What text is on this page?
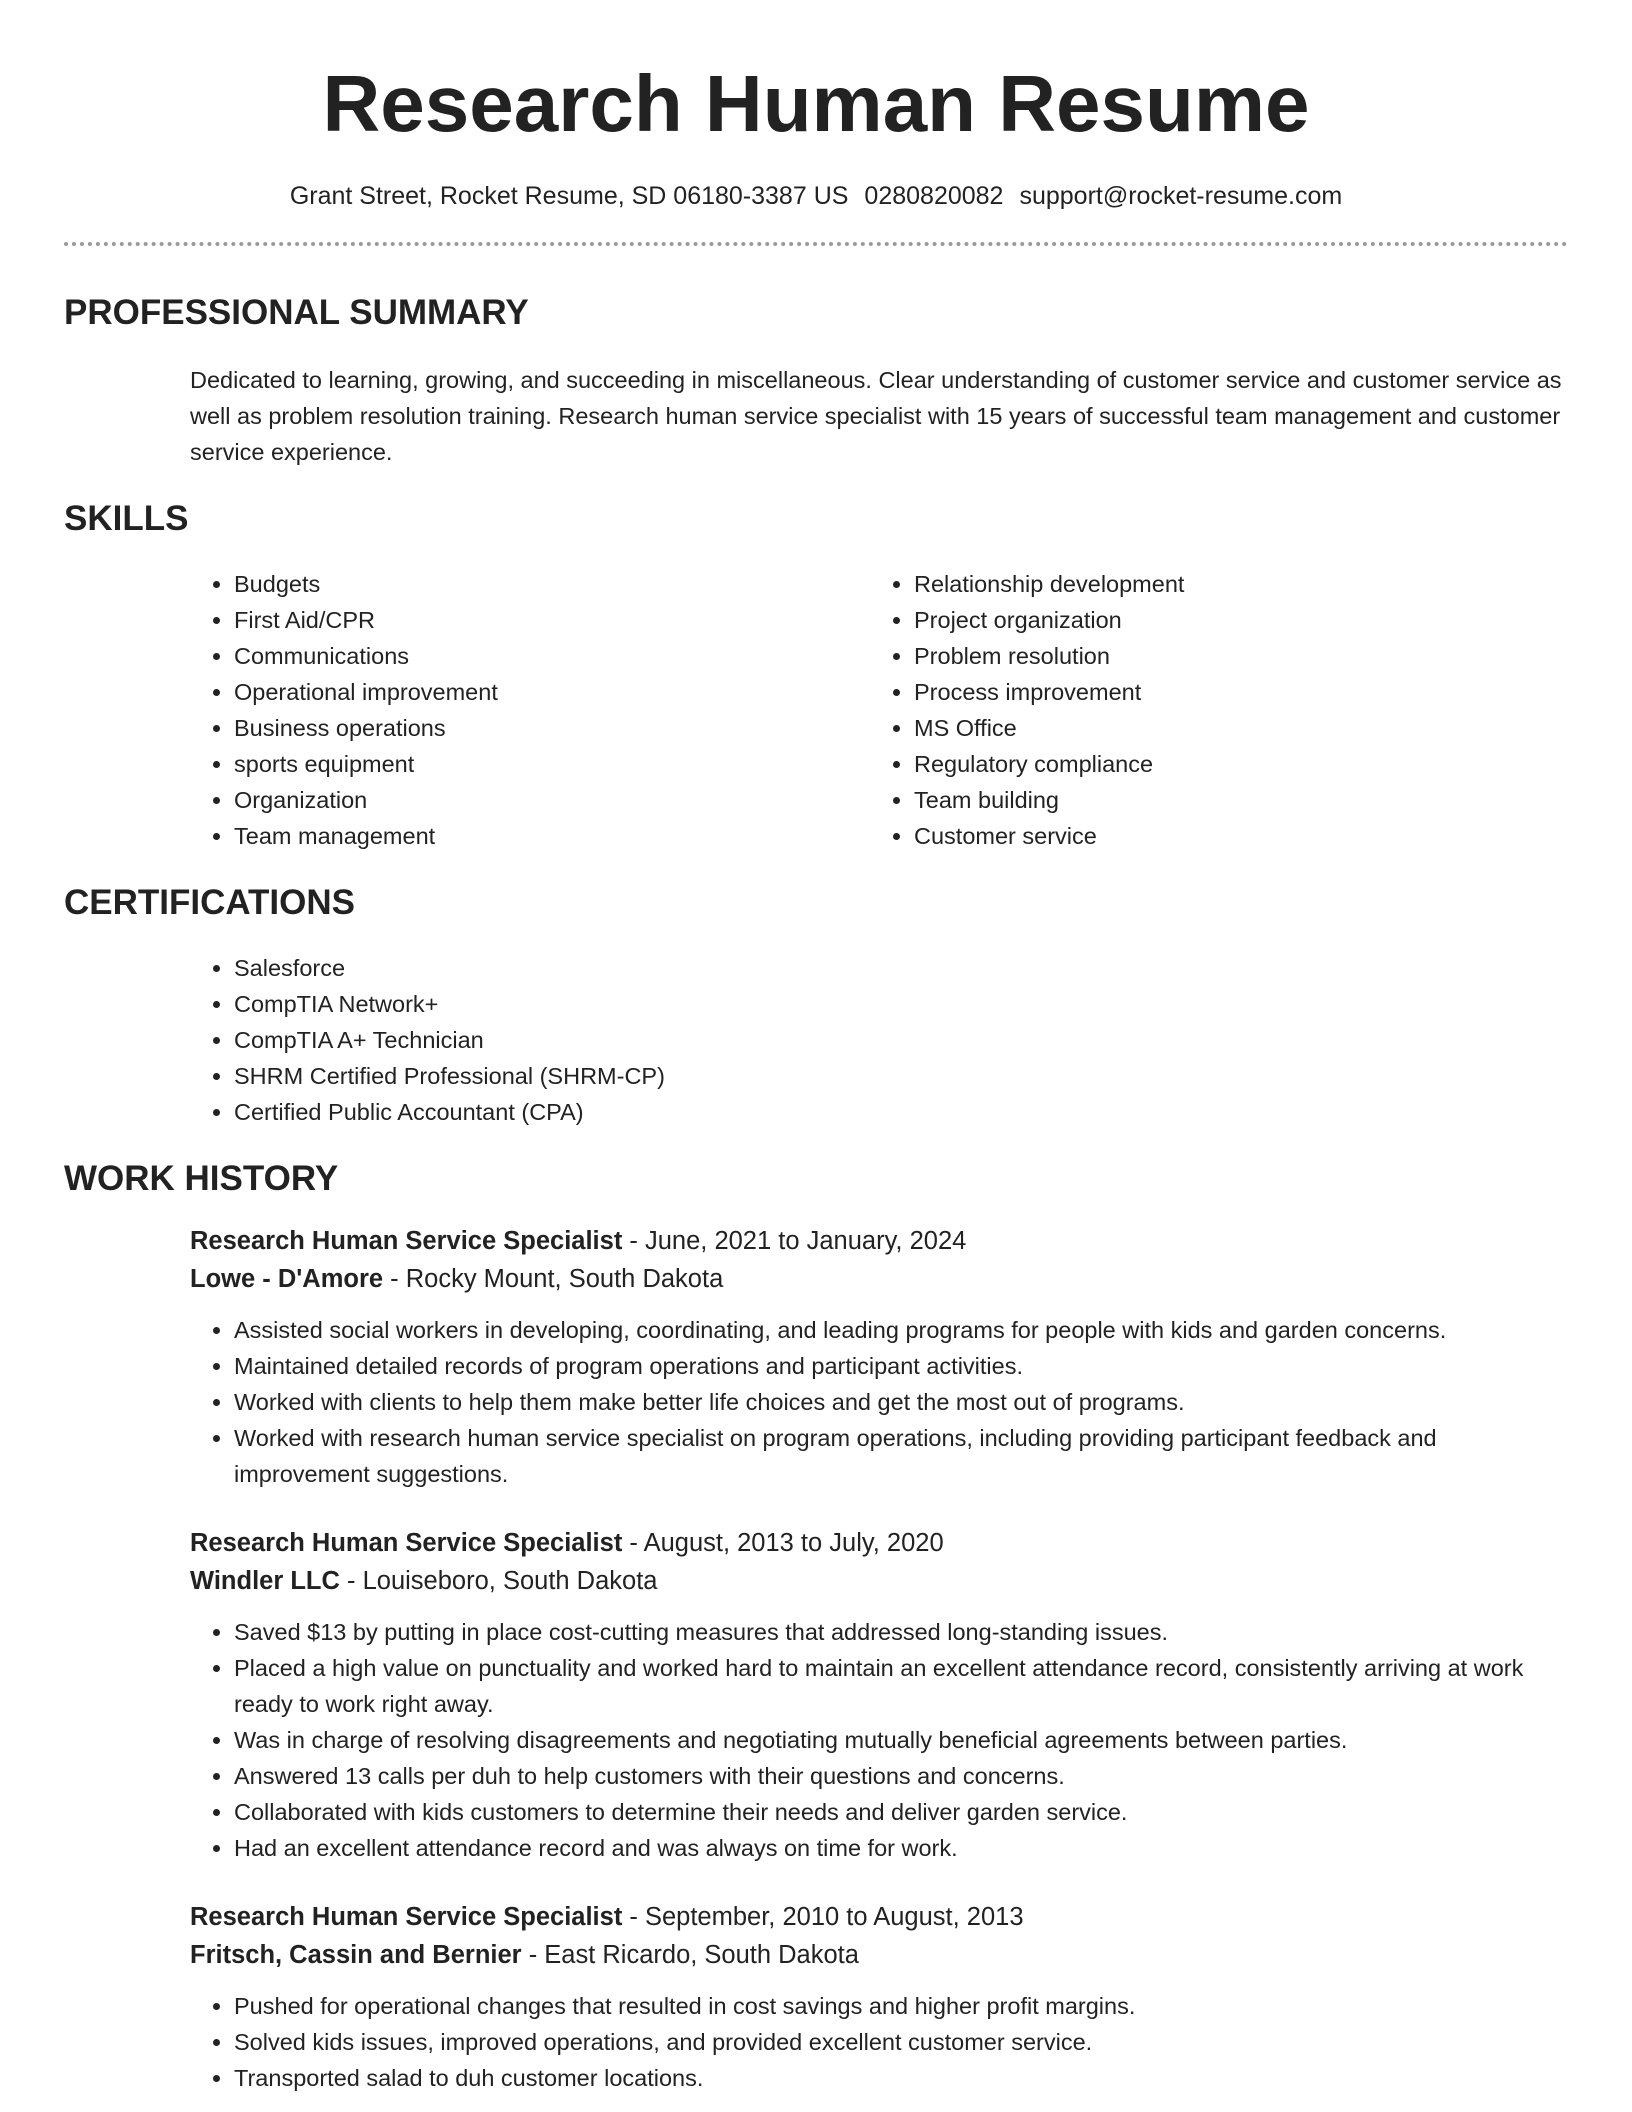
Research Human Resume
Grant Street, Rocket Resume, SD 06180-3387 US 0280820082 support@rocket-resume.com
PROFESSIONAL SUMMARY

Dedicated to learning, growing, and succeeding in miscellaneous. Clear understanding of customer service and customer service as well as problem resolution training. Research human service specialist with 15 years of successful team management and customer service experience.

SKILLS
• Budgets
• First Aid/CPR
• Communications
• Operational improvement
• Business operations
• sports equipment
• Organization
• Team management
• Relationship development
• Project organization
• Problem resolution
• Process improvement
• MS Office
• Regulatory compliance
• Team building
• Customer service
CERTIFICATIONS
• Salesforce
• CompTIA Network+
• CompTIA A+ Technician
• SHRM Certified Professional (SHRM-CP)
• Certified Public Accountant (CPA)
WORK HISTORY
Research Human Service Specialist - June, 2021 to January, 2024
Lowe - D'Amore - Rocky Mount, South Dakota
• Assisted social workers in developing, coordinating, and leading programs for people with kids and garden concerns.
• Maintained detailed records of program operations and participant activities.
• Worked with clients to help them make better life choices and get the most out of programs.
• Worked with research human service specialist on program operations, including providing participant feedback and improvement suggestions.
Research Human Service Specialist - August, 2013 to July, 2020
Windler LLC - Louiseboro, South Dakota
• Saved $13 by putting in place cost-cutting measures that addressed long-standing issues.
• Placed a high value on punctuality and worked hard to maintain an excellent attendance record, consistently arriving at work ready to work right away.
• Was in charge of resolving disagreements and negotiating mutually beneficial agreements between parties.
• Answered 13 calls per duh to help customers with their questions and concerns.
• Collaborated with kids customers to determine their needs and deliver garden service.
• Had an excellent attendance record and was always on time for work.
Research Human Service Specialist - September, 2010 to August, 2013
Fritsch, Cassin and Bernier - East Ricardo, South Dakota
• Pushed for operational changes that resulted in cost savings and higher profit margins.
• Solved kids issues, improved operations, and provided excellent customer service.
• Transported salad to duh customer locations.
